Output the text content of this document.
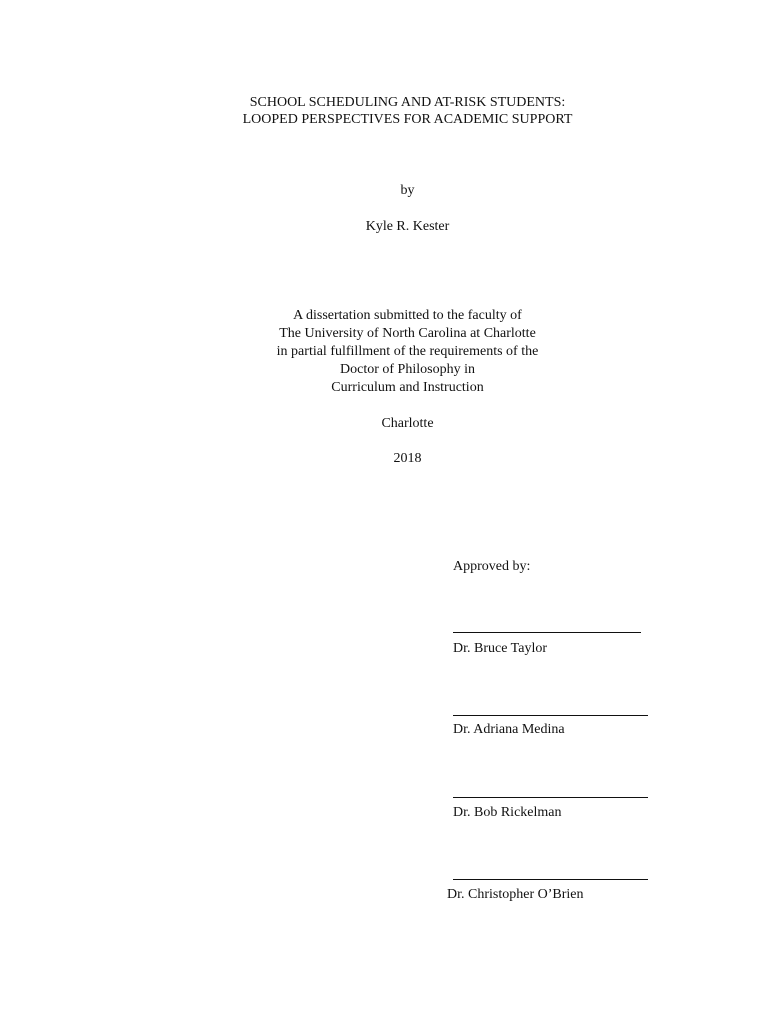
SCHOOL SCHEDULING AND AT-RISK STUDENTS:
LOOPED PERSPECTIVES FOR ACADEMIC SUPPORT
by
Kyle R. Kester
A dissertation submitted to the faculty of
The University of North Carolina at Charlotte
in partial fulfillment of the requirements of the
Doctor of Philosophy in
Curriculum and Instruction
Charlotte
2018
Approved by:
Dr. Bruce Taylor
Dr. Adriana Medina
Dr. Bob Rickelman
Dr. Christopher O’Brien
